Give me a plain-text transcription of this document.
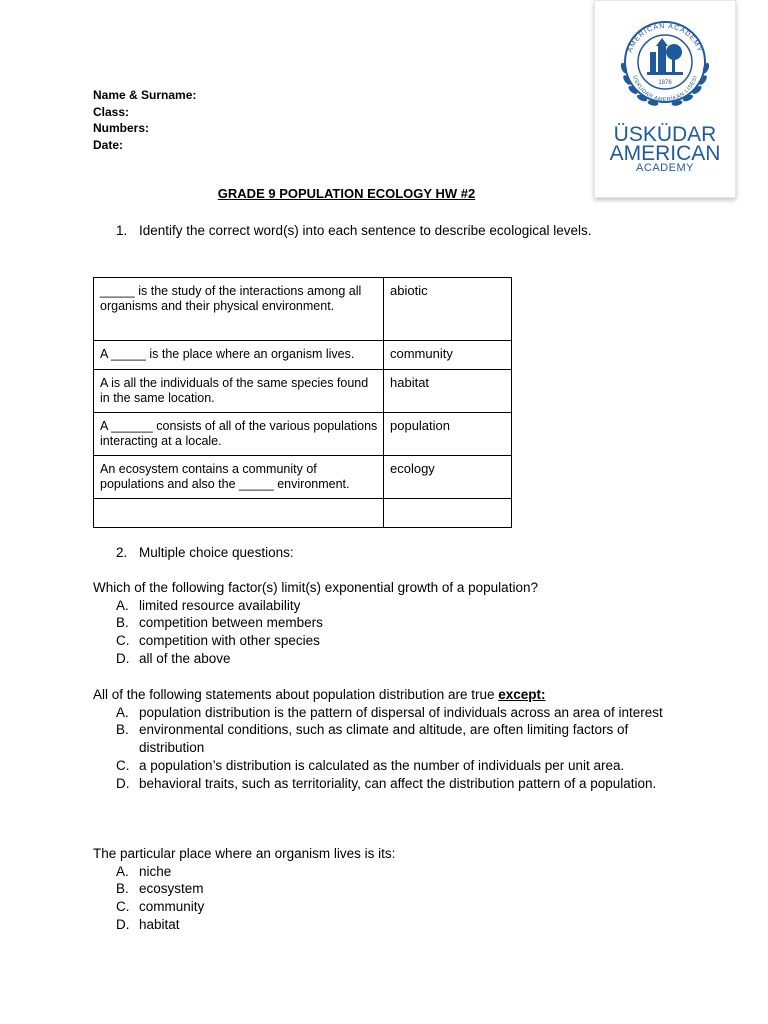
AMERICAN ACADEMY
ÜSKÜDAR AMERİKAN LİSESİ
1876
ÜSKÜDAR
AMERICAN
ACADEMY
Name & Surname:
Class:
Numbers:
Date:
GRADE 9 POPULATION ECOLOGY HW #2
1. Identify the correct word(s) into each sentence to describe ecological levels.
_____ is the study of the interactions among all organisms and their physical environment.	abiotic
A _____ is the place where an organism lives.	community
A is all the individuals of the same species found in the same location.	habitat
A ______ consists of all of the various populations interacting at a locale.	population
An ecosystem contains a community of populations and also the _____ environment.	ecology

2. Multiple choice questions:
Which of the following factor(s) limit(s) exponential growth of a population?
A. limited resource availability
B. competition between members
C. competition with other species
D. all of the above
All of the following statements about population distribution are true except:
A. population distribution is the pattern of dispersal of individuals across an area of interest
B. environmental conditions, such as climate and altitude, are often limiting factors of distribution
C. a population’s distribution is calculated as the number of individuals per unit area.
D. behavioral traits, such as territoriality, can affect the distribution pattern of a population.
The particular place where an organism lives is its:
A. niche
B. ecosystem
C. community
D. habitat
